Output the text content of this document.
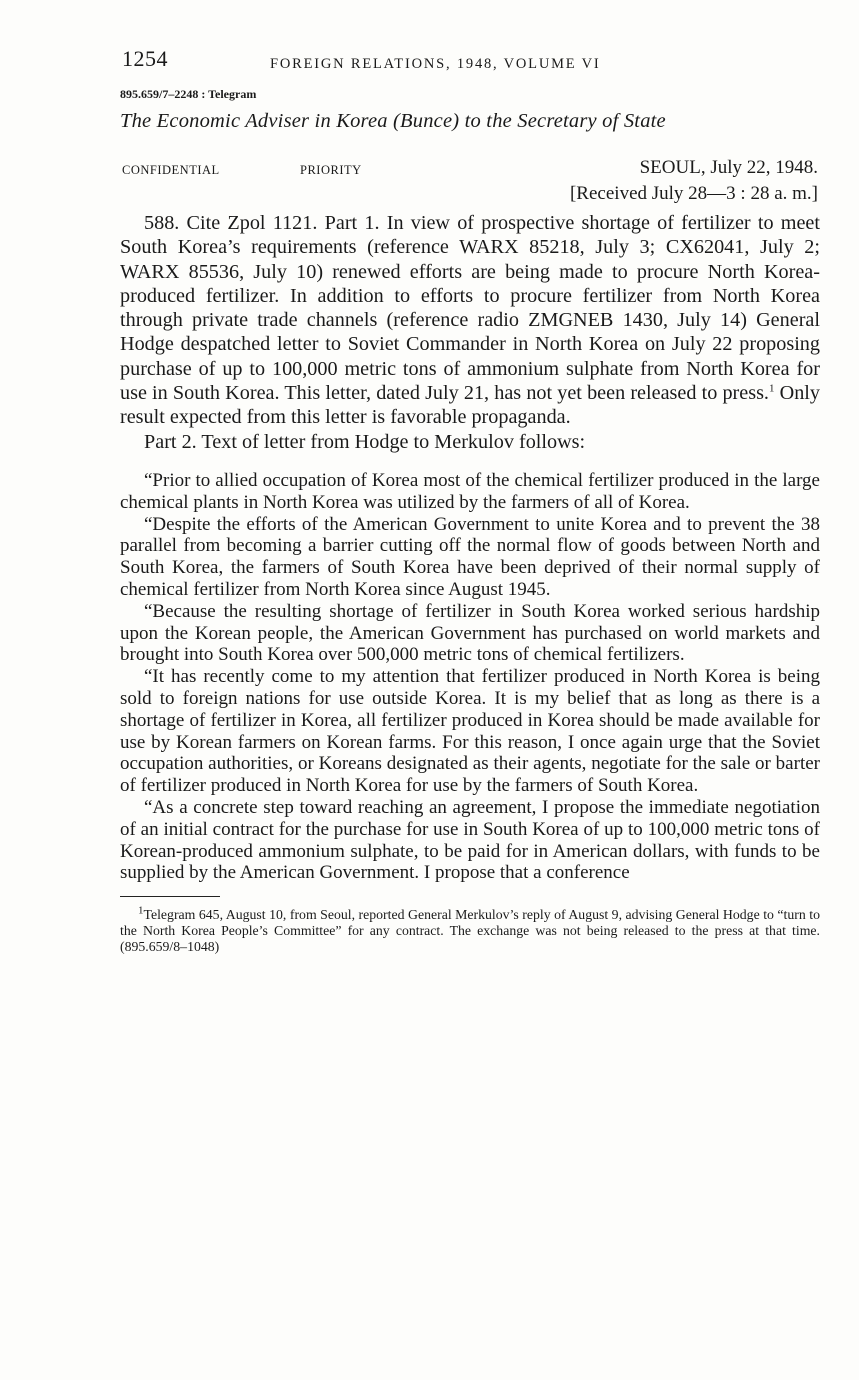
1254	FOREIGN RELATIONS, 1948, VOLUME VI
895.659/7–2248 : Telegram
The Economic Adviser in Korea (Bunce) to the Secretary of State
CONFIDENTIAL	PRIORITY	SEOUL, July 22, 1948.
[Received July 28—3 : 28 a. m.]

588. Cite Zpol 1121. Part 1. In view of prospective shortage of fertilizer to meet South Korea’s requirements (reference WARX 85218, July 3; CX62041, July 2; WARX 85536, July 10) renewed efforts are being made to procure North Korea-produced fertilizer. In addition to efforts to procure fertilizer from North Korea through private trade channels (reference radio ZMGNEB 1430, July 14) General Hodge despatched letter to Soviet Commander in North Korea on July 22 proposing purchase of up to 100,000 metric tons of ammonium sulphate from North Korea for use in South Korea. This letter, dated July 21, has not yet been released to press.$^1$ Only result expected from this letter is favorable propaganda.

Part 2. Text of letter from Hodge to Merkulov follows:

“Prior to allied occupation of Korea most of the chemical fertilizer produced in the large chemical plants in North Korea was utilized by the farmers of all of Korea.

“Despite the efforts of the American Government to unite Korea and to prevent the 38 parallel from becoming a barrier cutting off the normal flow of goods between North and South Korea, the farmers of South Korea have been deprived of their normal supply of chemical fertilizer from North Korea since August 1945.

“Because the resulting shortage of fertilizer in South Korea worked serious hardship upon the Korean people, the American Government has purchased on world markets and brought into South Korea over 500,000 metric tons of chemical fertilizers.

“It has recently come to my attention that fertilizer produced in North Korea is being sold to foreign nations for use outside Korea. It is my belief that as long as there is a shortage of fertilizer in Korea, all fertilizer produced in Korea should be made available for use by Korean farmers on Korean farms. For this reason, I once again urge that the Soviet occupation authorities, or Koreans designated as their agents, negotiate for the sale or barter of fertilizer produced in North Korea for use by the farmers of South Korea.

“As a concrete step toward reaching an agreement, I propose the immediate negotiation of an initial contract for the purchase for use in South Korea of up to 100,000 metric tons of Korean-produced ammonium sulphate, to be paid for in American dollars, with funds to be supplied by the American Government. I propose that a conference

$^1$Telegram 645, August 10, from Seoul, reported General Merkulov’s reply of August 9, advising General Hodge to “turn to the North Korea People’s Committee” for any contract. The exchange was not being released to the press at that time. (895.659/8–1048)
